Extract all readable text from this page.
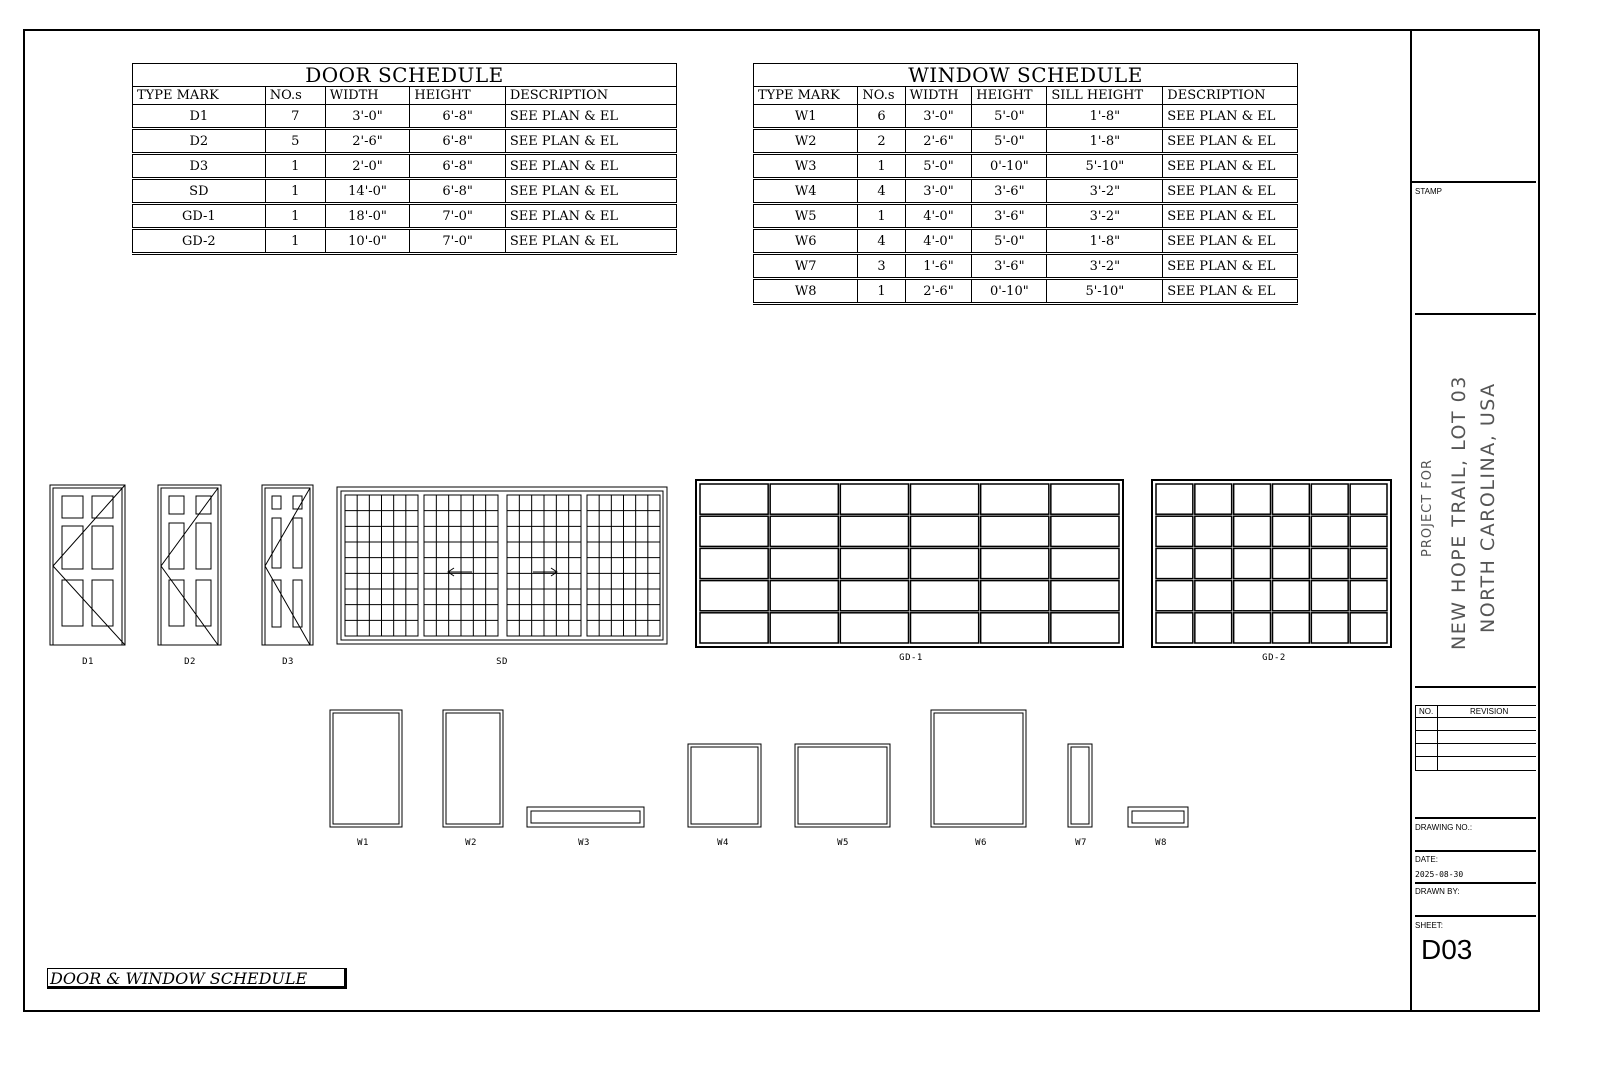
DOOR SCHEDULE
TYPE MARK	NO.s	WIDTH	HEIGHT	DESCRIPTION
D1	7	3'-0"	6'-8"	SEE PLAN & EL
D2	5	2'-6"	6'-8"	SEE PLAN & EL
D3	1	2'-0"	6'-8"	SEE PLAN & EL
SD	1	14'-0"	6'-8"	SEE PLAN & EL
GD-1	1	18'-0"	7'-0"	SEE PLAN & EL
GD-2	1	10'-0"	7'-0"	SEE PLAN & EL
WINDOW SCHEDULE
TYPE MARK	NO.s	WIDTH	HEIGHT	SILL HEIGHT	DESCRIPTION
W1	6	3'-0"	5'-0"	1'-8"	SEE PLAN & EL
W2	2	2'-6"	5'-0"	1'-8"	SEE PLAN & EL
W3	1	5'-0"	0'-10"	5'-10"	SEE PLAN & EL
W4	4	3'-0"	3'-6"	3'-2"	SEE PLAN & EL
W5	1	4'-0"	3'-6"	3'-2"	SEE PLAN & EL
W6	4	4'-0"	5'-0"	1'-8"	SEE PLAN & EL
W7	3	1'-6"	3'-6"	3'-2"	SEE PLAN & EL
W8	1	2'-6"	0'-10"	5'-10"	SEE PLAN & EL
D1	D2	D3	SD	GD-1	GD-2
W1	W2	W3	W4	W5	W6	W7	W8
DOOR & WINDOW SCHEDULE
STAMP
PROJECT FOR NEW HOPE TRAIL, LOT 03 NORTH CAROLINA, USA
NO.	REVISION
DRAWING NO.:
DATE:
2025-08-30
DRAWN BY:
SHEET:
D03
